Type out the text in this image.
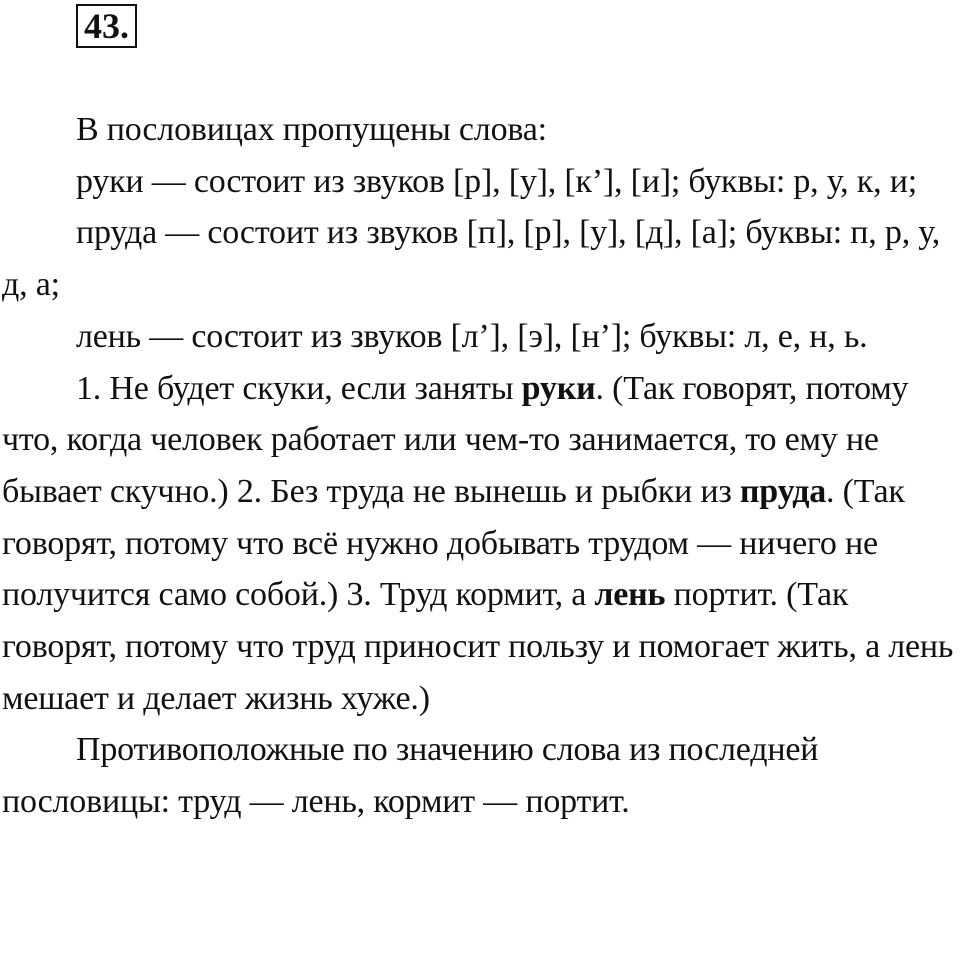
43.

В пословицах пропущены слова:

руки — состоит из звуков [р], [у], [к’], [и]; буквы: р, у, к, и;

пруда — состоит из звуков [п], [р], [у], [д], [а]; буквы: п, р, у, д, а;

лень — состоит из звуков [л’], [э], [н’]; буквы: л, е, н, ь.

1. Не будет скуки, если заняты руки. (Так говорят, потому что, когда человек работает или чем-то занимается, то ему не бывает скучно.) 2. Без труда не вынешь и рыбки из пруда. (Так говорят, потому что всё нужно добывать трудом — ничего не получится само собой.) 3. Труд кормит, а лень портит. (Так говорят, потому что труд приносит пользу и помогает жить, а лень мешает и делает жизнь хуже.)

Противоположные по значению слова из последней пословицы: труд — лень, кормит — портит.
